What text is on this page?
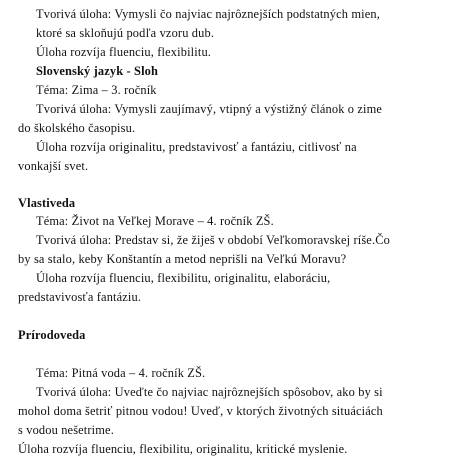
Tvorivá úloha: Vymysli čo najviac najrôznejších podstatných mien,
ktoré sa skloňujú podľa vzoru dub.
Úloha rozvíja fluenciu, flexibilitu.
Slovenský jazyk - Sloh
Téma: Zima – 3. ročník
Tvorivá úloha: Vymysli zaujímavý, vtipný a výstižný článok o zime
do školského časopisu.
Úloha rozvíja originalitu, predstavivosť a fantáziu, citlivosť na
vonkajší svet.
Vlastiveda
Téma: Život na Veľkej Morave – 4. ročník ZŠ.
Tvorivá úloha: Predstav si, že žiješ v období Veľkomoravskej ríše.Čo
by sa stalo, keby Konštantín a metod neprišli na Veľkú Moravu?
Úloha rozvíja fluenciu, flexibilitu, originalitu, elaboráciu,
predstavivosťa fantáziu.
Prírodoveda
Téma: Pitná voda – 4. ročník ZŠ.
Tvorivá úloha: Uveďte čo najviac najrôznejších spôsobov, ako by si
mohol doma šetriť pitnou vodou! Uveď, v ktorých životných situáciách
s vodou nešetrime.
Úloha rozvíja fluenciu, flexibilitu, originalitu, kritické myslenie.
